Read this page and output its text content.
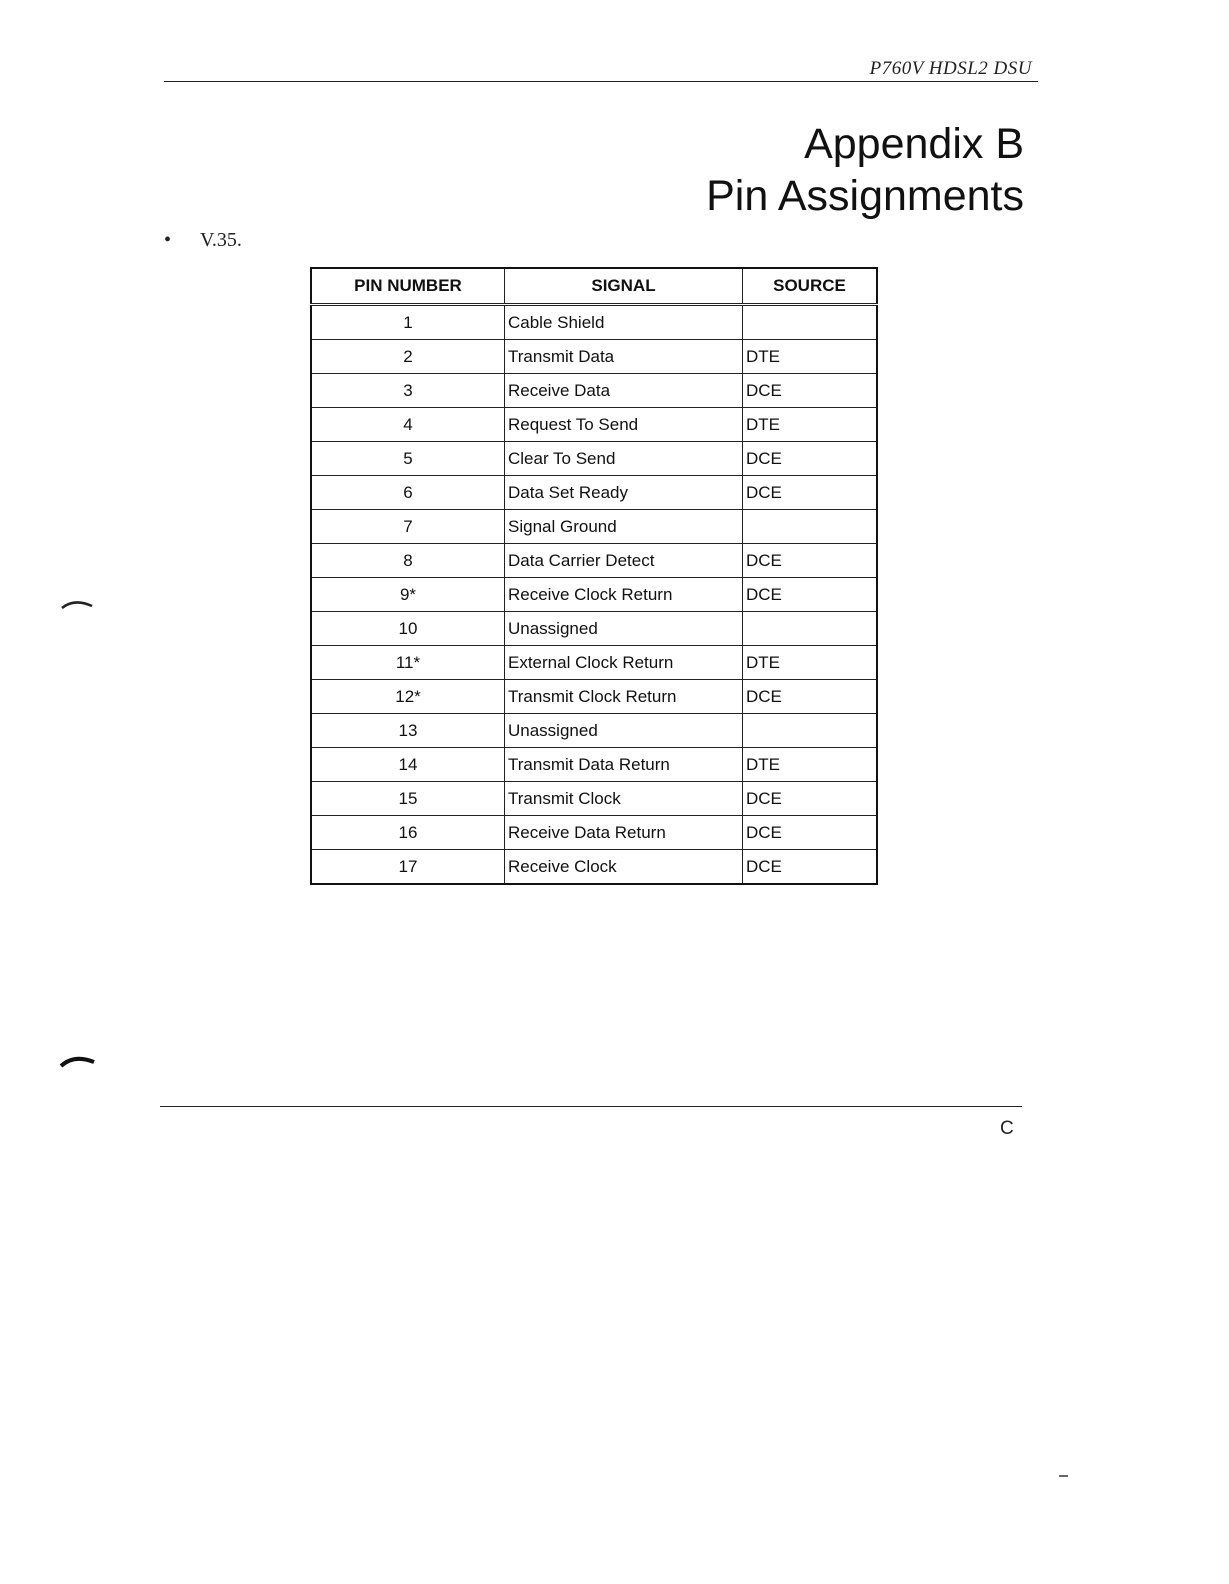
P760V HDSL2 DSU
Appendix B
Pin Assignments
• V.35.
PIN NUMBER	SIGNAL	SOURCE
1	Cable Shield	
2	Transmit Data	DTE
3	Receive Data	DCE
4	Request To Send	DTE
5	Clear To Send	DCE
6	Data Set Ready	DCE
7	Signal Ground	
8	Data Carrier Detect	DCE
9*	Receive Clock Return	DCE
10	Unassigned	
11*	External Clock Return	DTE
12*	Transmit Clock Return	DCE
13	Unassigned	
14	Transmit Data Return	DTE
15	Transmit Clock	DCE
16	Receive Data Return	DCE
17	Receive Clock	DCE
C
